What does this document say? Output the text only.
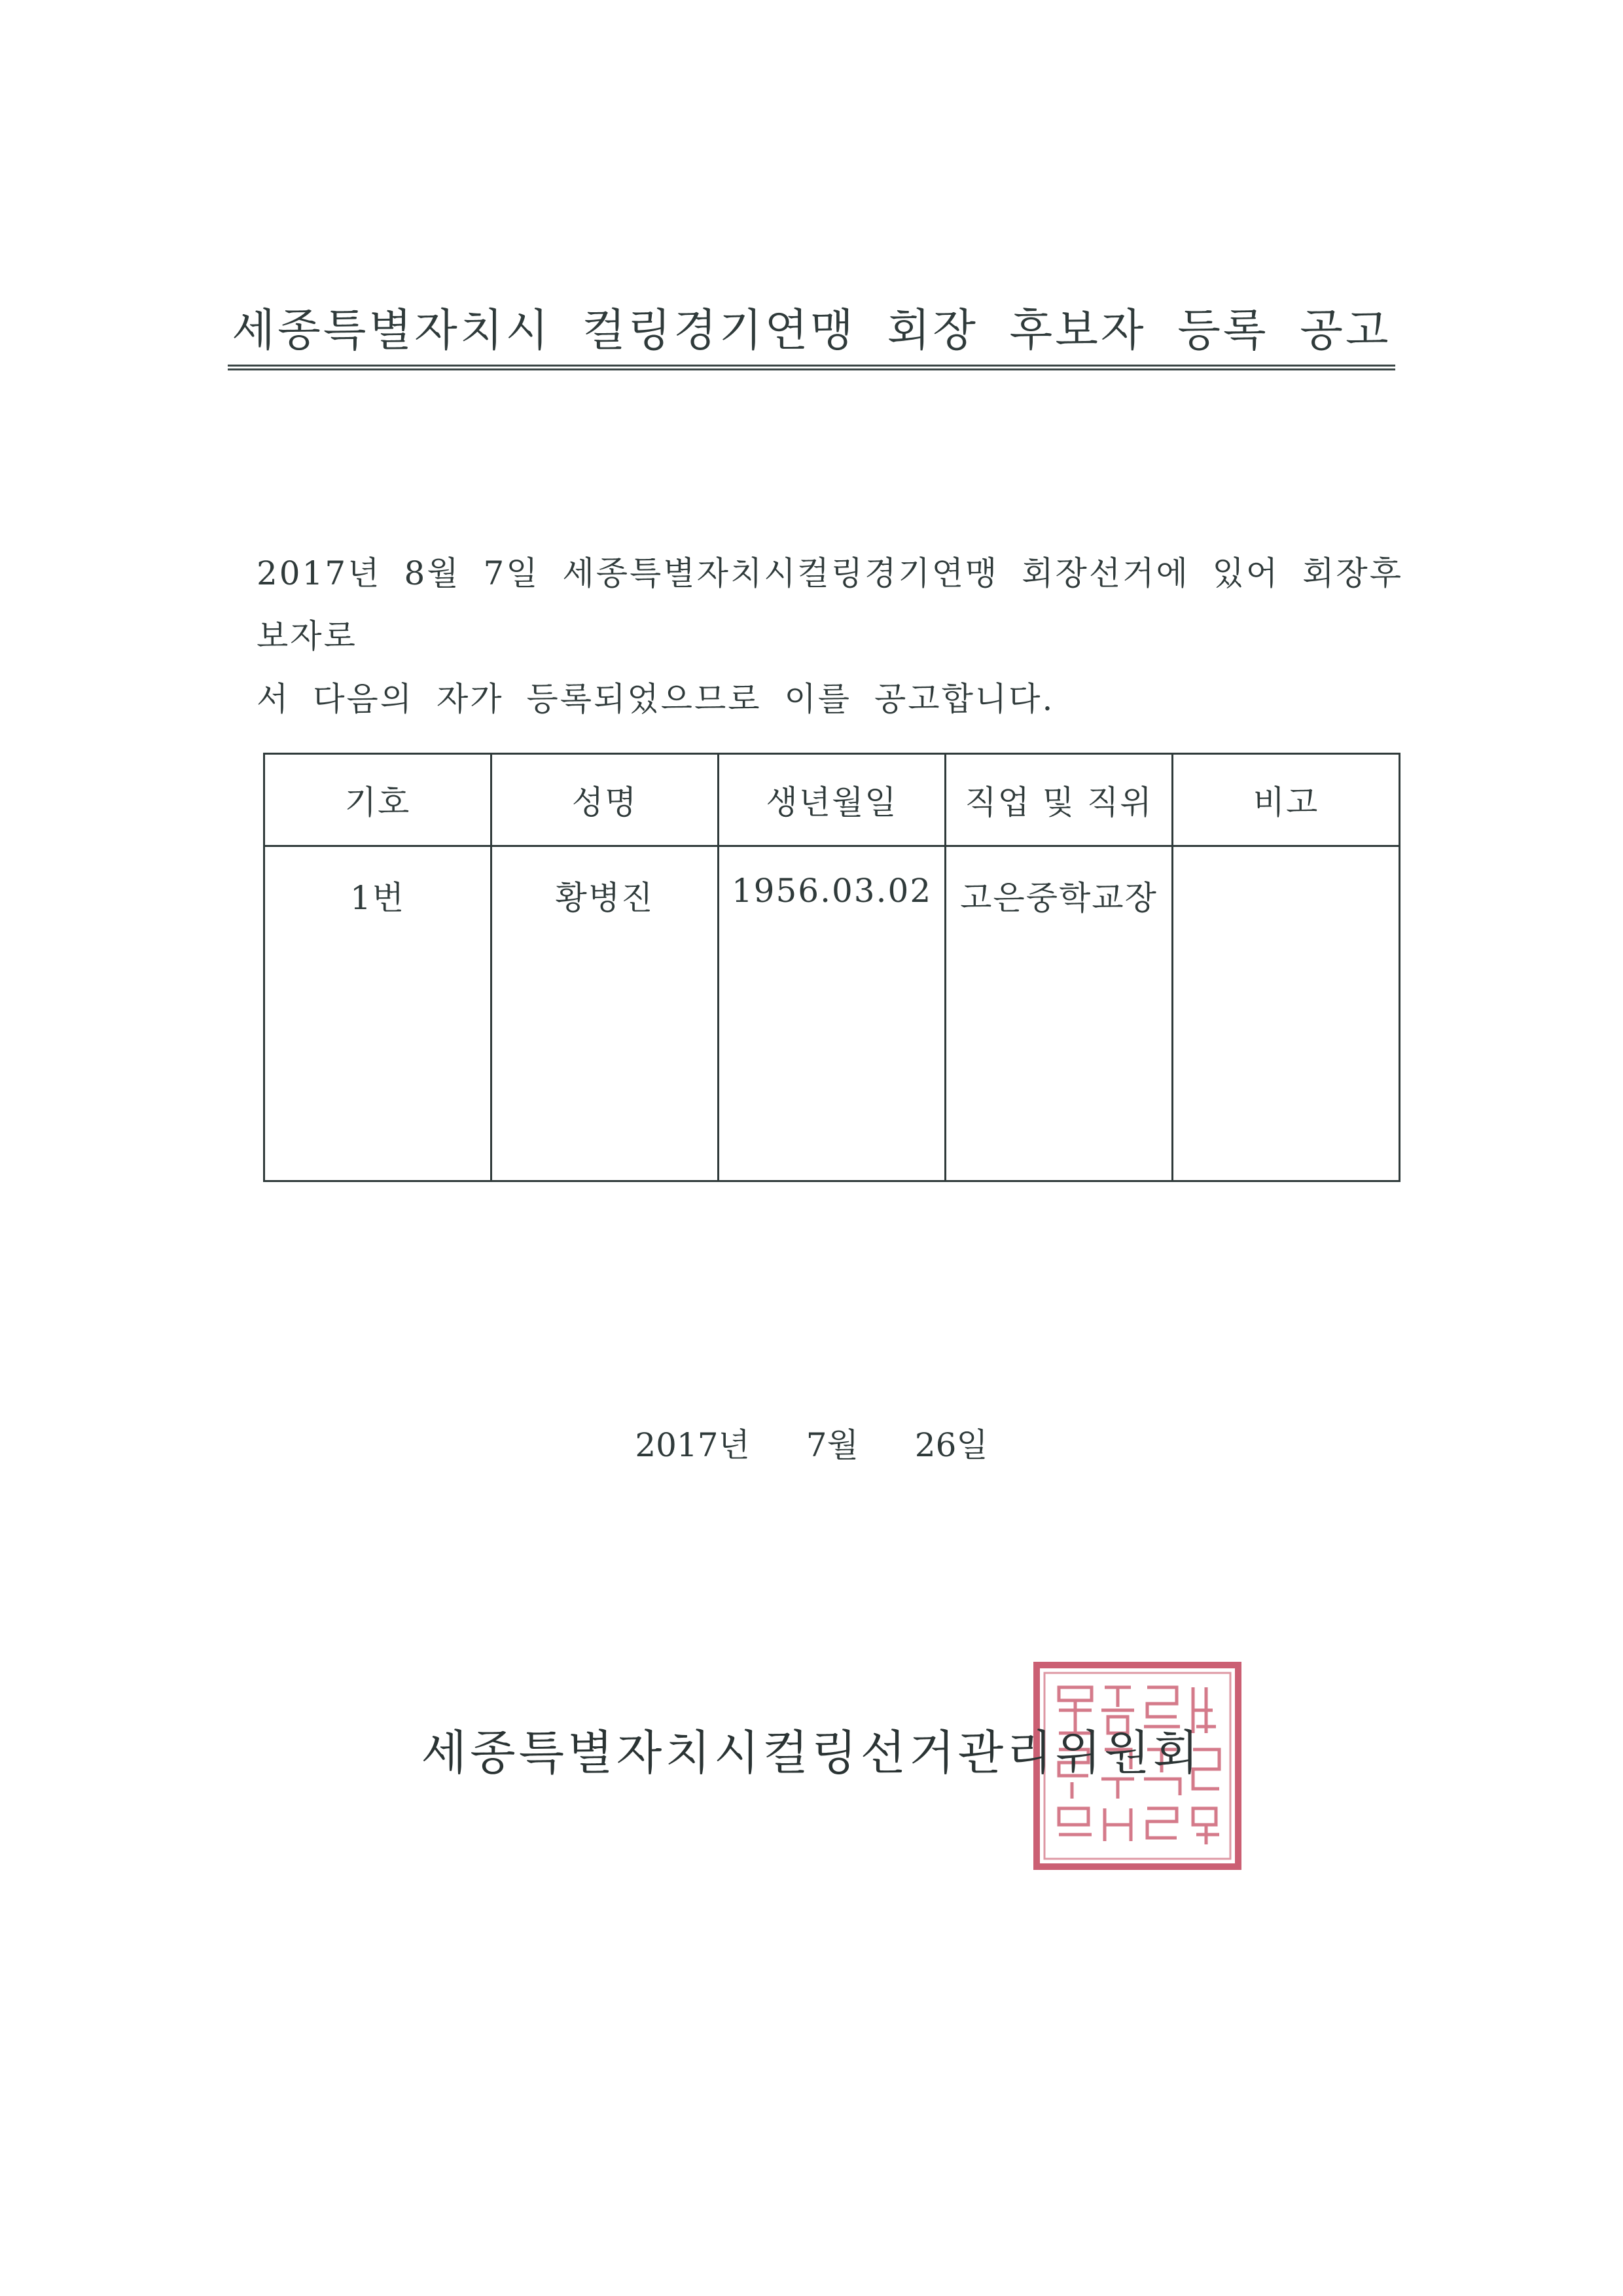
세종특별자치시 컬링경기연맹 회장 후보자 등록 공고
2017년 8월 7일 세종특별자치시컬링경기연맹 회장선거에 있어 회장후보자로
서 다음의 자가 등록되었으므로 이를 공고합니다.
기호	성명	생년월일	직업 및 직위	비고
1번	황병진	1956.03.02	고은중학교장	
2017년 7월 26일
세종특별자치시컬링선거관리위원회
